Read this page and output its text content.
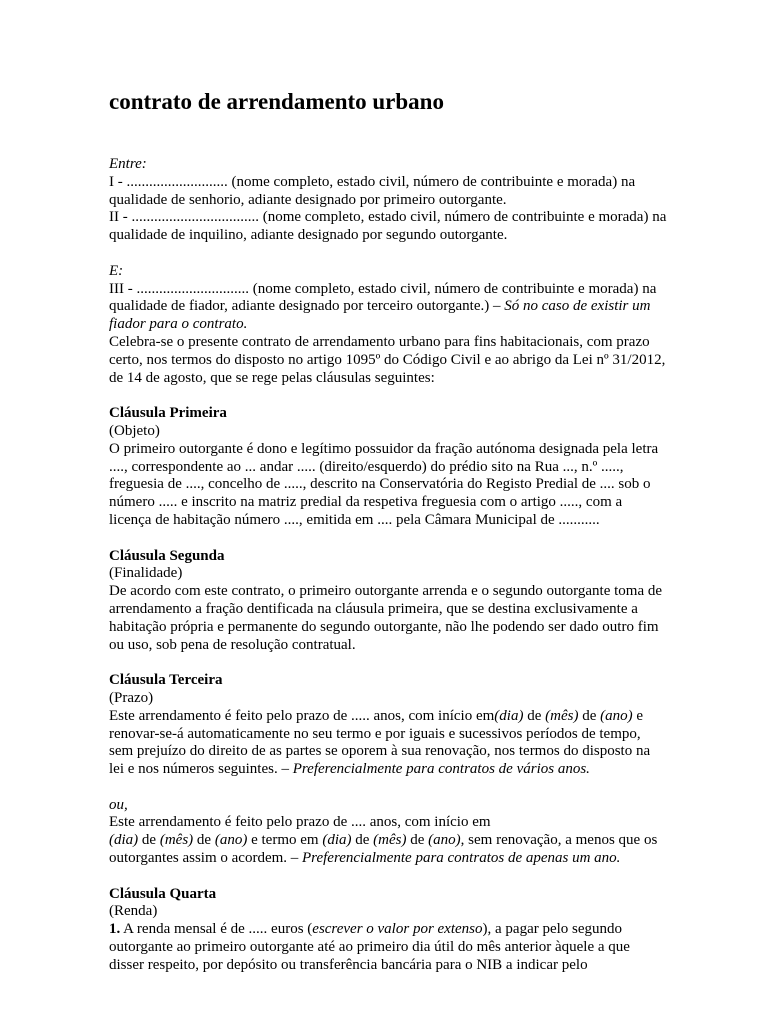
contrato de arrendamento urbano

Entre:

I - ........................... (nome completo, estado civil, número de contribuinte e morada) na qualidade de senhorio, adiante designado por primeiro outorgante.

II - .................................. (nome completo, estado civil, número de contribuinte e morada) na qualidade de inquilino, adiante designado por segundo outorgante.

E:

III - .............................. (nome completo, estado civil, número de contribuinte e morada) na qualidade de fiador, adiante designado por terceiro outorgante.) – Só no caso de existir um fiador para o contrato.

Celebra-se o presente contrato de arrendamento urbano para fins habitacionais, com prazo certo, nos termos do disposto no artigo 1095º do Código Civil e ao abrigo da Lei nº 31/2012, de 14 de agosto, que se rege pelas cláusulas seguintes:

Cláusula Primeira

(Objeto)

O primeiro outorgante é dono e legítimo possuidor da fração autónoma designada pela letra ...., correspondente ao ... andar ..... (direito/esquerdo) do prédio sito na Rua ..., n.º ....., freguesia de ...., concelho de ....., descrito na Conservatória do Registo Predial de .... sob o número ..... e inscrito na matriz predial da respetiva freguesia com o artigo ....., com a licença de habitação número ...., emitida em .... pela Câmara Municipal de ...........

Cláusula Segunda

(Finalidade)

De acordo com este contrato, o primeiro outorgante arrenda e o segundo outorgante toma de arrendamento a fração dentificada na cláusula primeira, que se destina exclusivamente a habitação própria e permanente do segundo outorgante, não lhe podendo ser dado outro fim ou uso, sob pena de resolução contratual.

Cláusula Terceira

(Prazo)

Este arrendamento é feito pelo prazo de ..... anos, com início em(dia) de (mês) de (ano) e renovar-se-á automaticamente no seu termo e por iguais e sucessivos períodos de tempo, sem prejuízo do direito de as partes se oporem à sua renovação, nos termos do disposto na lei e nos números seguintes. – Preferencialmente para contratos de vários anos.

ou,

Este arrendamento é feito pelo prazo de .... anos, com início em
(dia) de (mês) de (ano) e termo em (dia) de (mês) de (ano), sem renovação, a menos que os outorgantes assim o acordem. – Preferencialmente para contratos de apenas um ano.

Cláusula Quarta

(Renda)

1. A renda mensal é de ..... euros (escrever o valor por extenso), a pagar pelo segundo outorgante ao primeiro outorgante até ao primeiro dia útil do mês anterior àquele a que disser respeito, por depósito ou transferência bancária para o NIB a indicar pelo
